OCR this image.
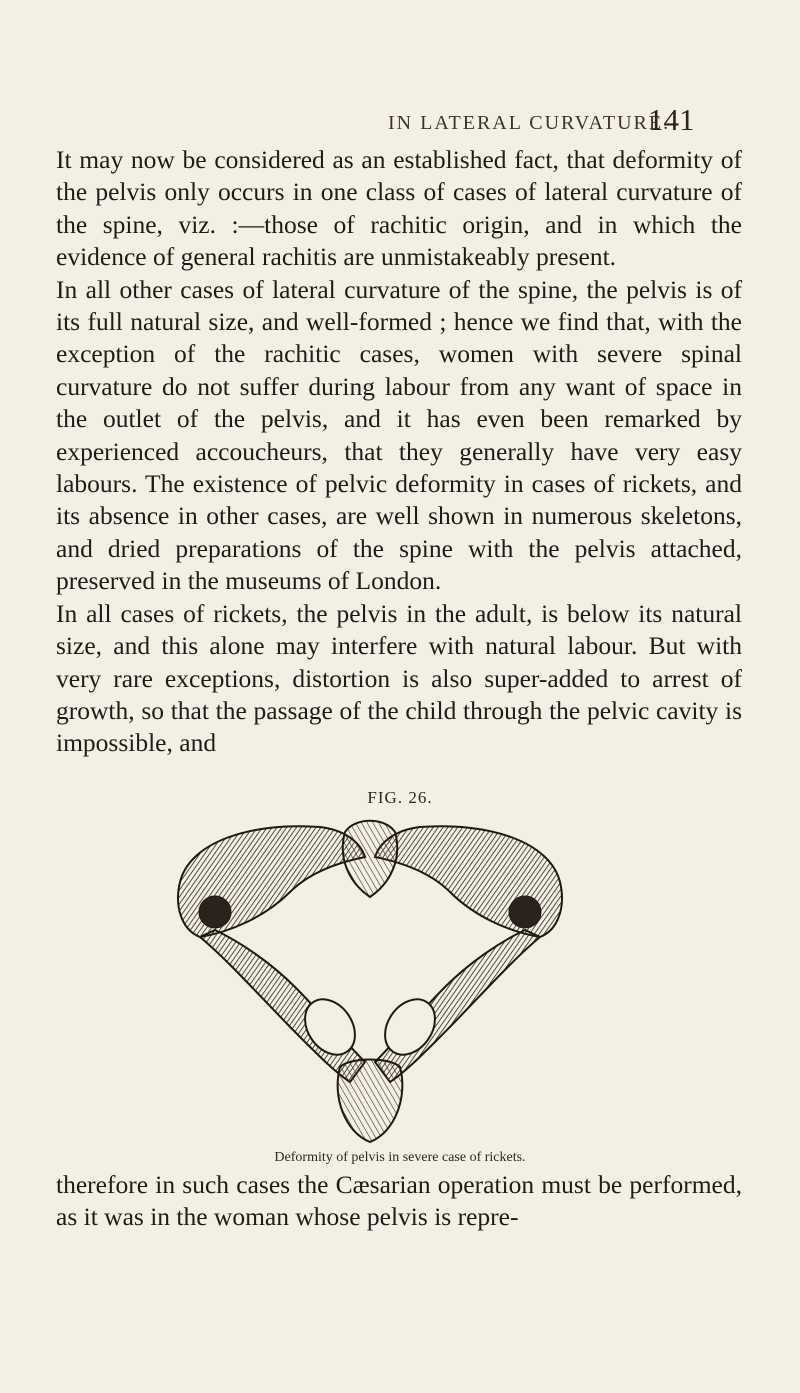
IN LATERAL CURVATURE.
141

It may now be considered as an established fact, that deformity of the pelvis only occurs in one class of cases of lateral curvature of the spine, viz. :—those of rachitic origin, and in which the evidence of general rachitis are unmistakeably present.

In all other cases of lateral curvature of the spine, the pelvis is of its full natural size, and well-formed ; hence we find that, with the exception of the rachitic cases, women with severe spinal curvature do not suffer during labour from any want of space in the outlet of the pelvis, and it has even been remarked by experienced accoucheurs, that they generally have very easy labours. The existence of pelvic deformity in cases of rickets, and its absence in other cases, are well shown in numerous skeletons, and dried preparations of the spine with the pelvis attached, preserved in the museums of London.

In all cases of rickets, the pelvis in the adult, is below its natural size, and this alone may interfere with natural labour. But with very rare exceptions, distortion is also super-added to arrest of growth, so that the passage of the child through the pelvic cavity is impossible, and

FIG. 26.
Deformity of pelvis in severe case of rickets.

therefore in such cases the Cæsarian operation must be performed, as it was in the woman whose pelvis is repre-
